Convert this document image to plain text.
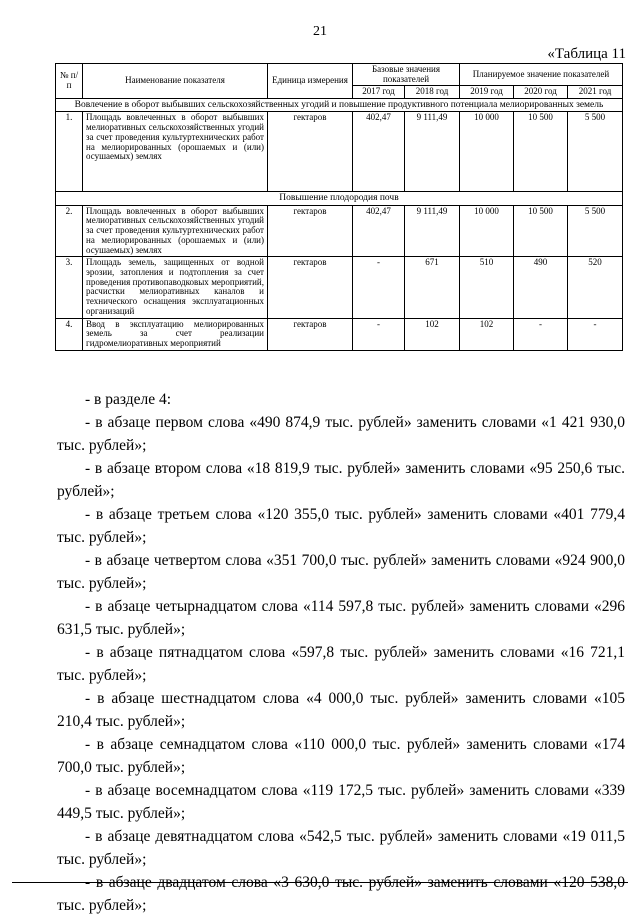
21
«Таблица 11
№ п/п	Наименование показателя	Единица измерения	Базовые значения показателей		Планируемое значение показателей		
			2017 год	2018 год	2019 год	2020 год	2021 год
Вовлечение в оборот выбывших сельскохозяйственных угодий и повышение продуктивного потенциала мелиорированных земель							
1.	Площадь вовлеченных в оборот выбывших мелиоративных сельскохозяйственных угодий за счет проведения культуртехнических работ на мелиорированных (орошаемых и (или) осушаемых) землях	гектаров	402,47	9 111,49	10 000	10 500	5 500
Повышение плодородия почв							
2.	Площадь вовлеченных в оборот выбывших мелиоративных сельскохозяйственных угодий за счет проведения культуртехнических работ на мелиорированных (орошаемых и (или) осушаемых) землях	гектаров	402,47	9 111,49	10 000	10 500	5 500
3.	Площадь земель, защищенных от водной эрозии, затопления и подтопления за счет проведения противопаводковых мероприятий, расчистки мелиоративных каналов и технического оснащения эксплуатационных организаций	гектаров	-	671	510	490	520
4.	Ввод в эксплуатацию мелиорированных земель за счет реализации гидромелиоративных мероприятий	гектаров	-	102	102	-	-

- в разделе 4:

- в абзаце первом слова «490 874,9 тыс. рублей» заменить словами «1 421 930,0 тыс. рублей»;

- в абзаце втором слова «18 819,9 тыс. рублей» заменить словами «95 250,6 тыс. рублей»;

- в абзаце третьем слова «120 355,0 тыс. рублей» заменить словами «401 779,4 тыс. рублей»;

- в абзаце четвертом слова «351 700,0 тыс. рублей» заменить словами «924 900,0 тыс. рублей»;

- в абзаце четырнадцатом слова «114 597,8 тыс. рублей» заменить словами «296 631,5 тыс. рублей»;

- в абзаце пятнадцатом слова «597,8 тыс. рублей» заменить словами «16 721,1 тыс. рублей»;

- в абзаце шестнадцатом слова «4 000,0 тыс. рублей» заменить словами «105 210,4 тыс. рублей»;

- в абзаце семнадцатом слова «110 000,0 тыс. рублей» заменить словами «174 700,0 тыс. рублей»;

- в абзаце восемнадцатом слова «119 172,5 тыс. рублей» заменить словами «339 449,5 тыс. рублей»;

- в абзаце девятнадцатом слова «542,5 тыс. рублей» заменить словами «19 011,5 тыс. рублей»;

- в абзаце двадцатом слова «3 630,0 тыс. рублей» заменить словами «120 538,0 тыс. рублей»;
